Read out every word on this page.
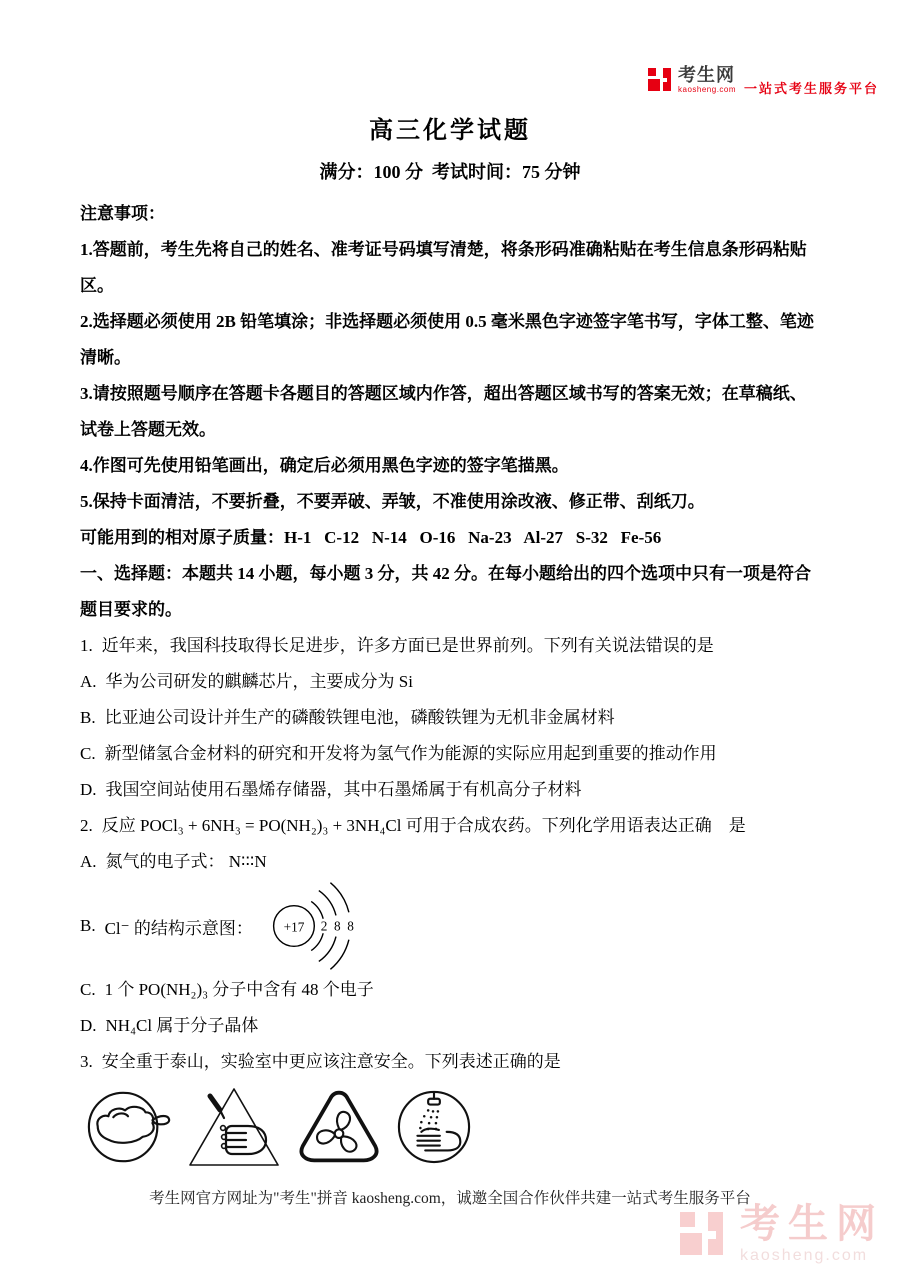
考生网
kaosheng.com 一站式考生服务平台
高三化学试题
满分：100 分  考试时间：75 分钟

注意事项：

1.答题前，考生先将自己的姓名、准考证号码填写清楚，将条形码准确粘贴在考生信息条形码粘贴区。

2.选择题必须使用 2B 铅笔填涂；非选择题必须使用 0.5 毫米黑色字迹签字笔书写，字体工整、笔迹清晰。

3.请按照题号顺序在答题卡各题目的答题区域内作答，超出答题区域书写的答案无效；在草稿纸、试卷上答题无效。

4.作图可先使用铅笔画出，确定后必须用黑色字迹的签字笔描黑。

5.保持卡面清洁，不要折叠，不要弄破、弄皱，不准使用涂改液、修正带、刮纸刀。

可能用到的相对原子质量：H-1   C-12   N-14   O-16   Na-23   Al-27   S-32   Fe-56

一、选择题：本题共 14 小题，每小题 3 分，共 42 分。在每小题给出的四个选项中只有一项是符合题目要求的。

1. 近年来，我国科技取得长足进步，许多方面已是世界前列。下列有关说法错误的是

A. 华为公司研发的麒麟芯片，主要成分为 Si

B. 比亚迪公司设计并生产的磷酸铁锂电池，磷酸铁锂为无机非金属材料

C. 新型储氢合金材料的研究和开发将为氢气作为能源的实际应用起到重要的推动作用

D. 我国空间站使用石墨烯存储器，其中石墨烯属于有机高分子材料

2. 反应 POCl₃ + 6NH₃ = PO(NH₂)₃ + 3NH₄Cl 可用于合成农药。下列化学用语表达正确　是

A. 氮气的电子式： N∶∶∶N

B. Cl⁻ 的结构示意图： +17 2 8 8

C. 1 个 PO(NH₂)₃ 分子中含有 48 个电子

D. NH₄Cl 属于分子晶体

3. 安全重于泰山，实验室中更应该注意安全。下列表述正确的是

考生网官方网址为"考生"拼音 kaosheng.com，诚邀全国合作伙伴共建一站式考生服务平台
考生网
kaosheng.com
